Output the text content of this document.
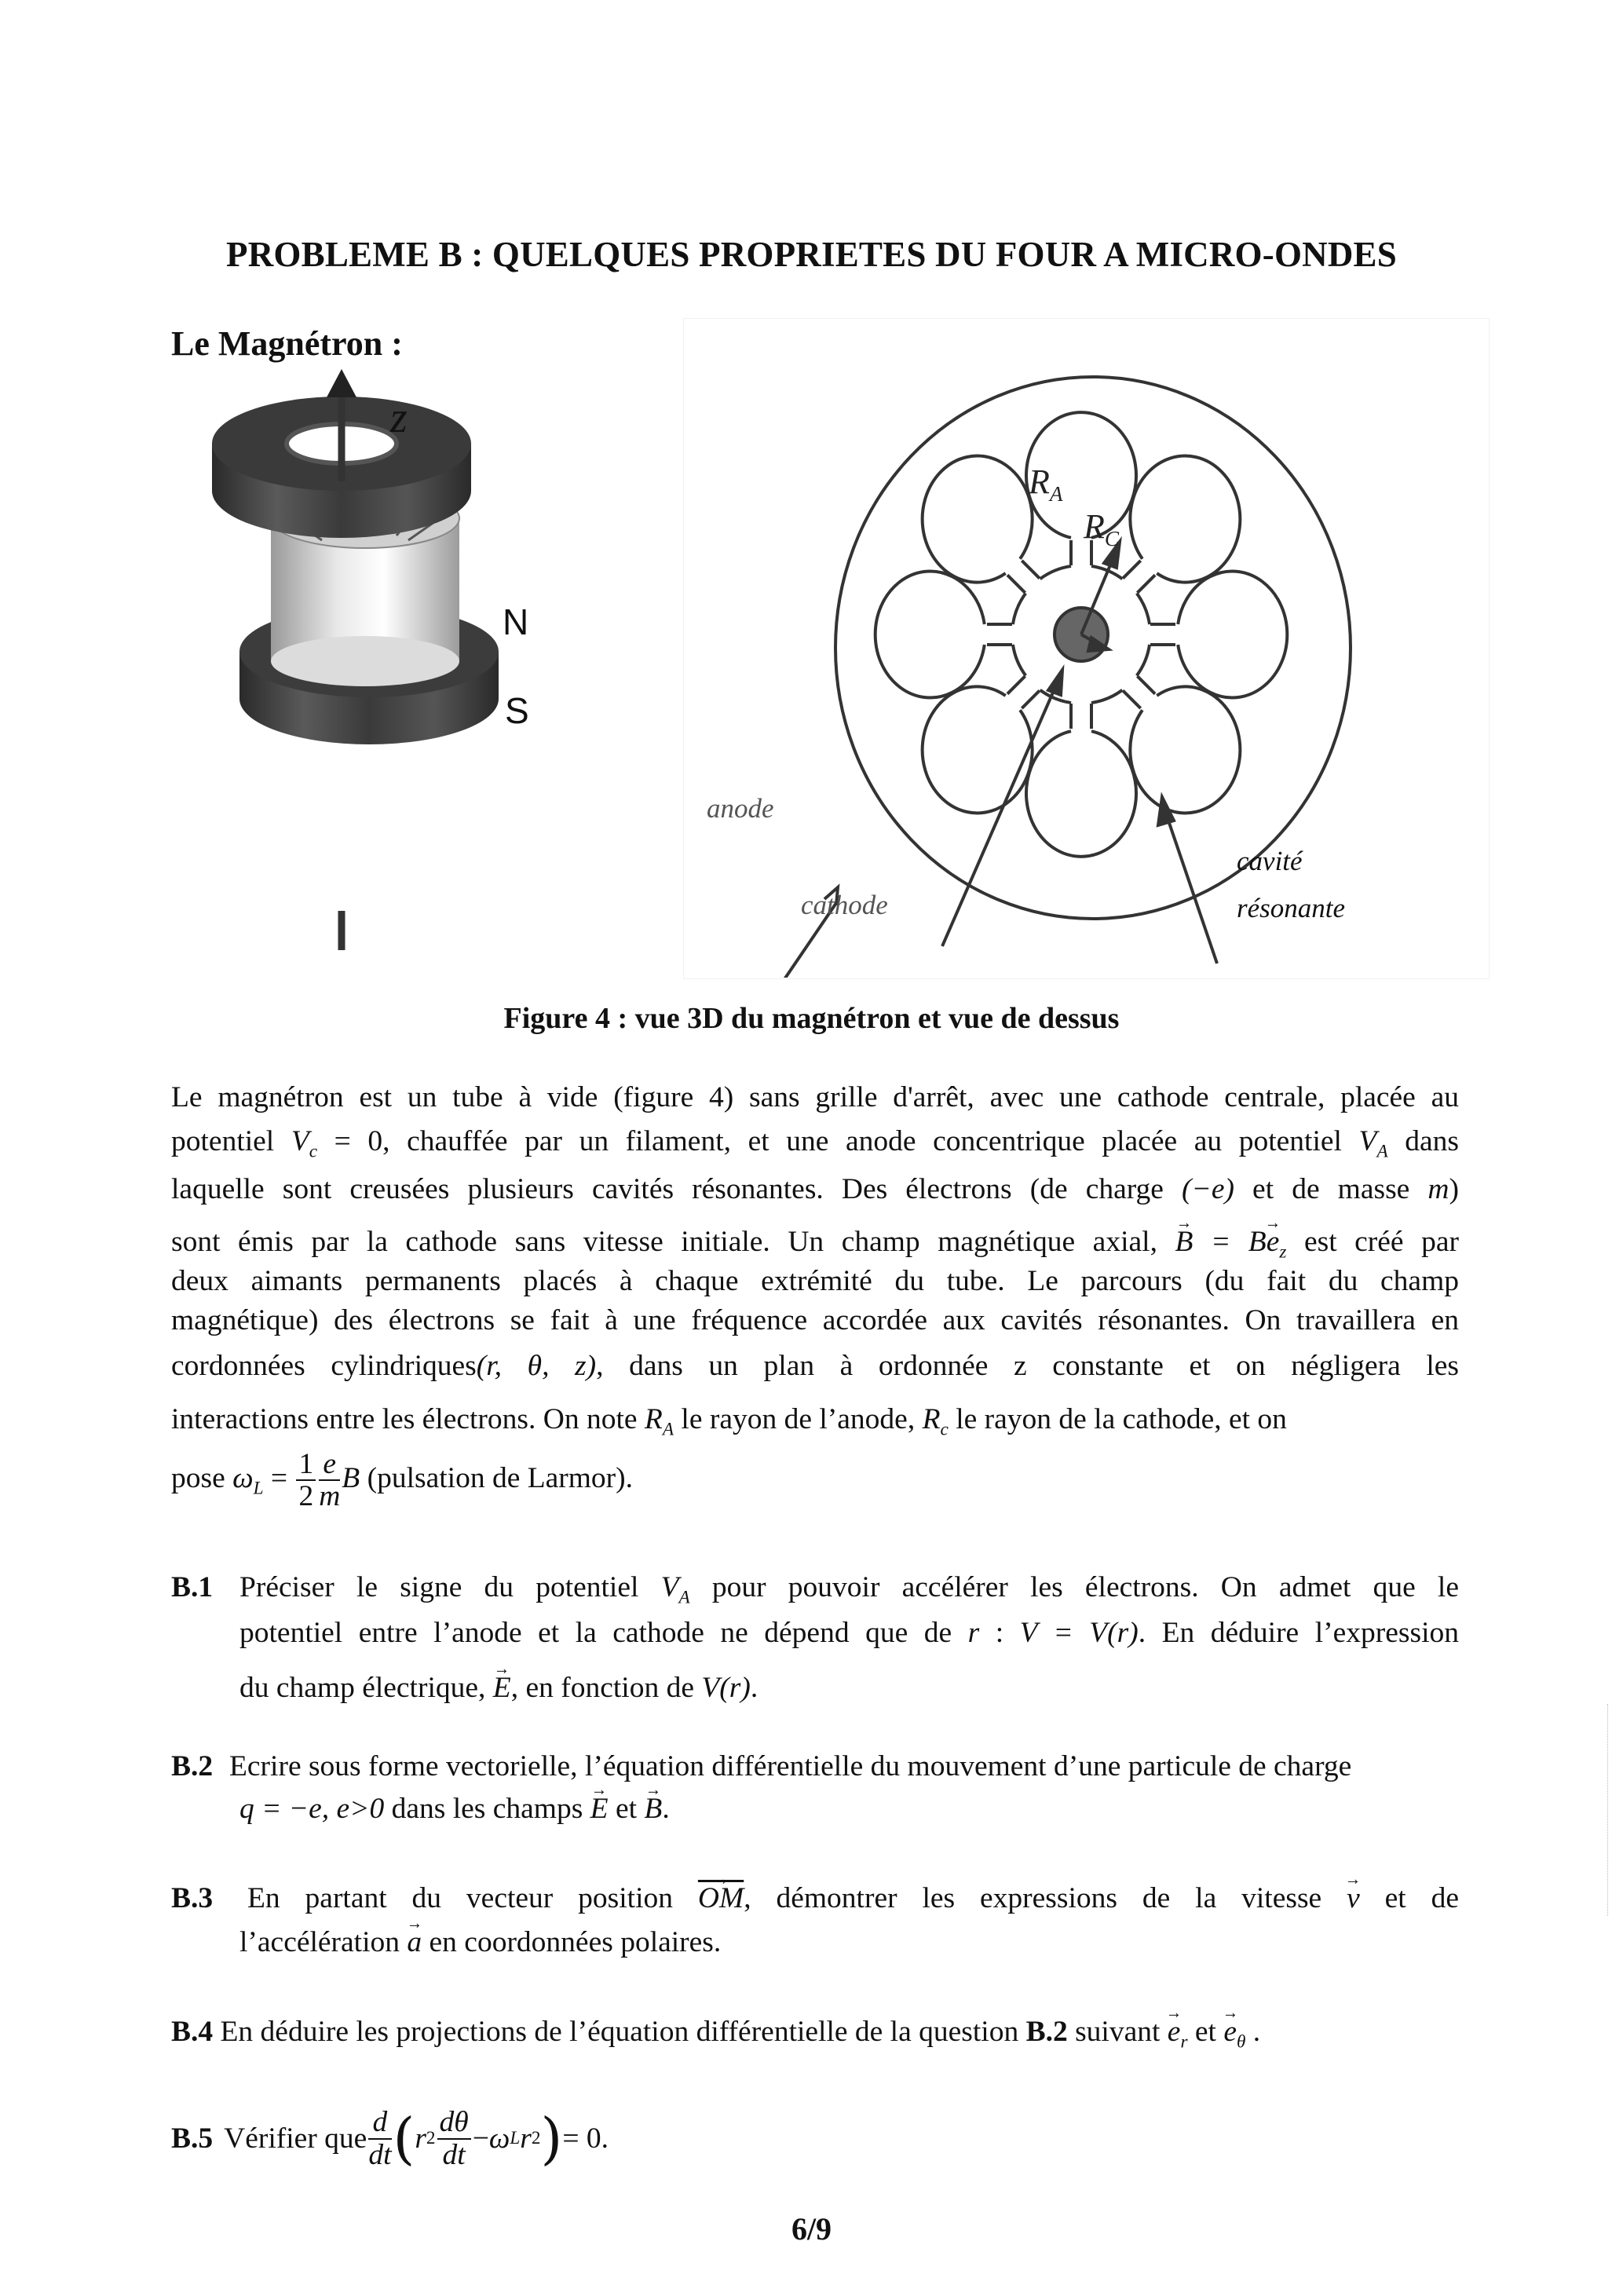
PROBLEME B : QUELQUES PROPRIETES DU FOUR A MICRO-ONDES
Le Magnétron :
z
N
S
$R_A$
$R_C$
anode
cathode
cavité
résonante
Figure 4 : vue 3D du magnétron et vue de dessus
Le magnétron est un tube à vide (figure 4) sans grille d'arrêt, avec une cathode centrale, placée au
potentiel $V_c = 0$, chauffée par un filament, et une anode concentrique placée au potentiel $V_A$ dans
laquelle sont creusées plusieurs cavités résonantes. Des électrons (de charge (−e) et de masse m)
sont émis par la cathode sans vitesse initiale. Un champ magnétique axial, → $B = B\to e_z$ est créé par
deux aimants permanents placés à chaque extrémité du tube. Le parcours (du fait du champ
magnétique) des électrons se fait à une fréquence accordée aux cavités résonantes. On travaillera en
cordonnées cylindriques(r, θ, z), dans un plan à ordonnée z constante et on négligera les
interactions entre les électrons. On note $R_A$ le rayon de l’anode, $R_c$ le rayon de la cathode, et on
pose $\omega_L = \frac{1}{2} \frac{e}{m}$ B (pulsation de Larmor).
B.1 Préciser le signe du potentiel $V_A$ pour pouvoir accélérer les électrons. On admet que le
potentiel entre l’anode et la cathode ne dépend que de r : V = V(r). En déduire l’expression
du champ électrique, → E, en fonction de V(r).
B.2 Ecrire sous forme vectorielle, l’équation différentielle du mouvement d’une particule de charge
q = −e, e>0 dans les champs → E et → B.
B.3 En partant du vecteur position → $\overline{OM}$, démontrer les expressions de la vitesse → v et de
l’accélération → a en coordonnées polaires.
B.4 En déduire les projections de l’équation différentielle de la question B.2 suivant → $e_r$ et → $e_\theta$ .
B.5 Vérifier que $\frac{d}{dt}$ ( r $2 \frac{d\theta}{dt} - \omega$ L r 2 ) = 0.
6/9
